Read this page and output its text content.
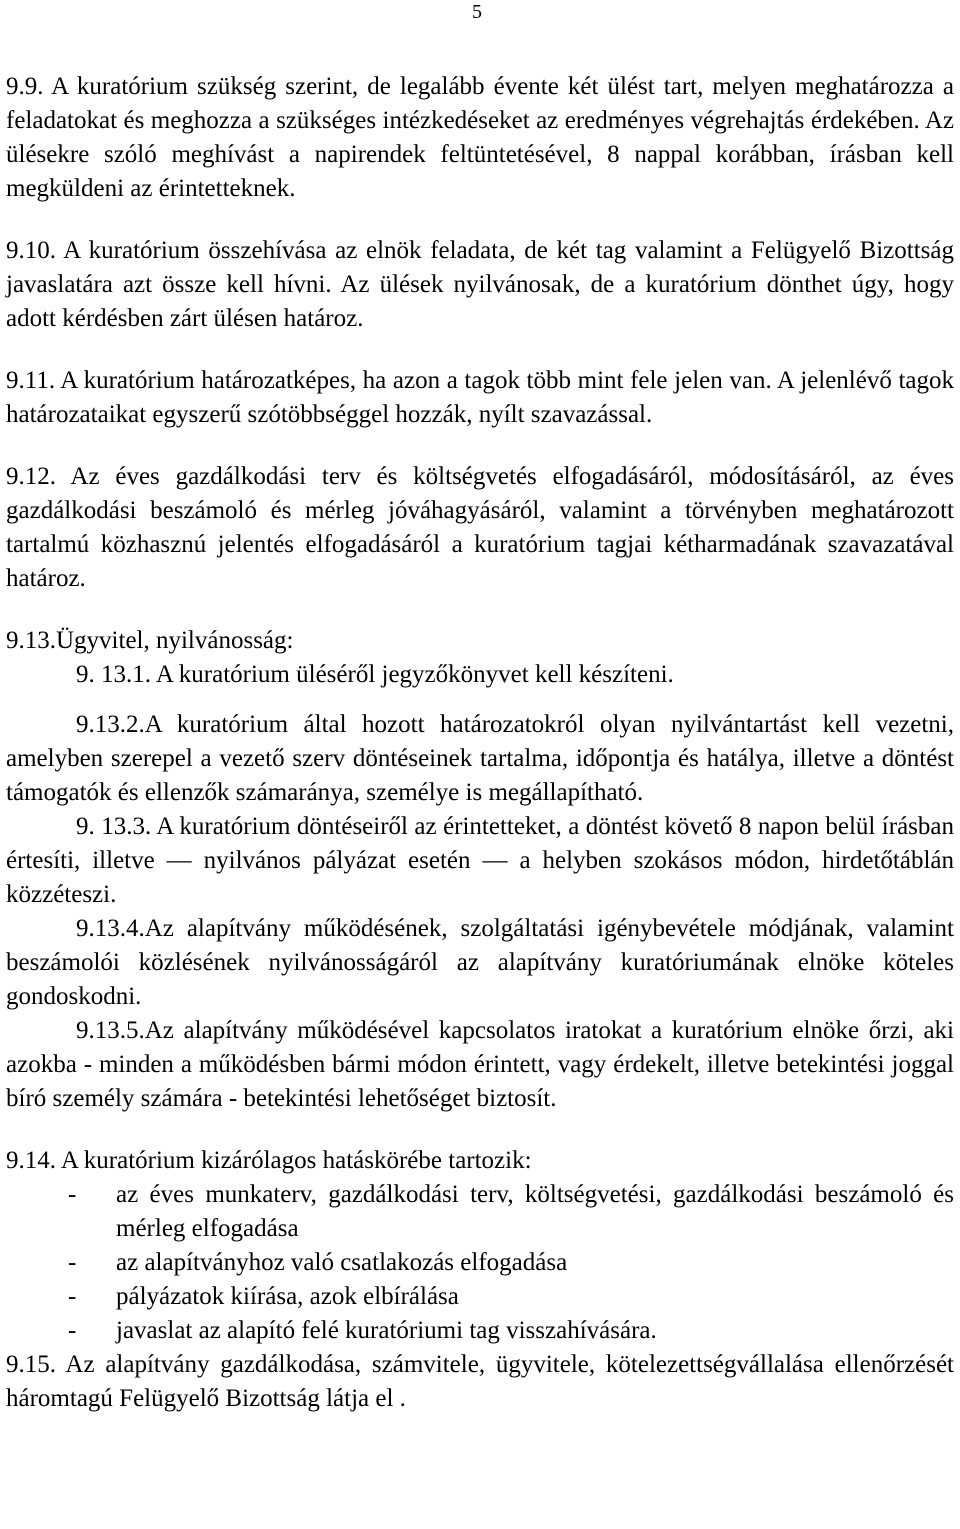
5

9.9. A kuratórium szükség szerint, de legalább évente két ülést tart, melyen meghatározza a feladatokat és meghozza a szükséges intézkedéseket az eredményes végrehajtás érdekében. Az ülésekre szóló meghívást a napirendek feltüntetésével, 8 nappal korábban, írásban kell megküldeni az érintetteknek.

9.10. A kuratórium összehívása az elnök feladata, de két tag valamint a Felügyelő Bizottság javaslatára azt össze kell hívni. Az ülések nyilvánosak, de a kuratórium dönthet úgy, hogy adott kérdésben zárt ülésen határoz.

9.11. A kuratórium határozatképes, ha azon a tagok több mint fele jelen van. A jelenlévő tagok határozataikat egyszerű szótöbbséggel hozzák, nyílt szavazással.

9.12. Az éves gazdálkodási terv és költségvetés elfogadásáról, módosításáról, az éves gazdálkodási beszámoló és mérleg jóváhagyásáról, valamint a törvényben meghatározott tartalmú közhasznú jelentés elfogadásáról a kuratórium tagjai kétharmadának szavazatával határoz.

9.13.Ügyvitel, nyilvánosság:

9. 13.1. A kuratórium üléséről jegyzőkönyvet kell készíteni.

9.13.2.A kuratórium által hozott határozatokról olyan nyilvántartást kell vezetni, amelyben szerepel a vezető szerv döntéseinek tartalma, időpontja és hatálya, illetve a döntést támogatók és ellenzők számaránya, személye is megállapítható.

9. 13.3. A kuratórium döntéseiről az érintetteket, a döntést követő 8 napon belül írásban értesíti, illetve — nyilvános pályázat esetén — a helyben szokásos módon, hirdetőtáblán közzéteszi.

9.13.4.Az alapítvány működésének, szolgáltatási igénybevétele módjának, valamint beszámolói közlésének nyilvánosságáról az alapítvány kuratóriumának elnöke köteles gondoskodni.

9.13.5.Az alapítvány működésével kapcsolatos iratokat a kuratórium elnöke őrzi, aki azokba - minden a működésben bármi módon érintett, vagy érdekelt, illetve betekintési joggal bíró személy számára - betekintési lehetőséget biztosít.

9.14. A kuratórium kizárólagos hatáskörébe tartozik:

-	az éves munkaterv, gazdálkodási terv, költségvetési, gazdálkodási beszámoló és mérleg elfogadása
-	az alapítványhoz való csatlakozás elfogadása
-	pályázatok kiírása, azok elbírálása
-	javaslat az alapító felé kuratóriumi tag visszahívására.

9.15. Az alapítvány gazdálkodása, számvitele, ügyvitele, kötelezettségvállalása ellenőrzését háromtagú Felügyelő Bizottság látja el .
